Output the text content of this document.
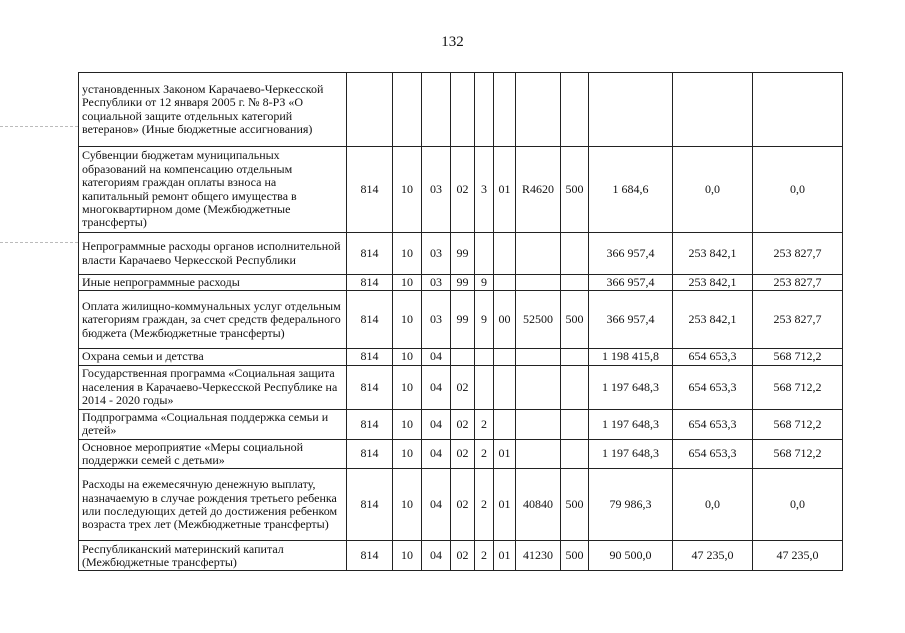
132
установденных Законом Карачаево-Черкесской Республики от 12 января 2005 г. № 8-РЗ «О социальной защите отдельных категорий ветеранов» (Иные бюджетные ассигнования)											
Субвенции бюджетам муниципальных образований на компенсацию отдельным категориям граждан оплаты взноса на капитальный ремонт общего имущества в многоквартирном доме (Межбюджетные трансферты)	814	10	03	02	3	01	R4620	500	1 684,6	0,0	0,0
Непрограммные расходы органов исполнительной власти Карачаево Черкесской Республики	814	10	03	99					366 957,4	253 842,1	253 827,7
Иные непрограммные расходы	814	10	03	99	9				366 957,4	253 842,1	253 827,7
Оплата жилищно-коммунальных услуг отдельным категориям граждан, за счет средств федерального бюджета (Межбюджетные трансферты)	814	10	03	99	9	00	52500	500	366 957,4	253 842,1	253 827,7
Охрана семьи и детства	814	10	04						1 198 415,8	654 653,3	568 712,2
Государственная программа «Социальная защита населения в Карачаево-Черкесской Республике на 2014 - 2020 годы»	814	10	04	02					1 197 648,3	654 653,3	568 712,2
Подпрограмма «Социальная поддержка семьи и детей»	814	10	04	02	2				1 197 648,3	654 653,3	568 712,2
Основное мероприятие «Меры социальной поддержки семей с детьми»	814	10	04	02	2	01			1 197 648,3	654 653,3	568 712,2
Расходы на ежемесячную денежную выплату, назначаемую в случае рождения третьего ребенка или последующих детей до достижения ребенком возраста трех лет (Межбюджетные трансферты)	814	10	04	02	2	01	40840	500	79 986,3	0,0	0,0
Республиканский материнский капитал (Межбюджетные трансферты)	814	10	04	02	2	01	41230	500	90 500,0	47 235,0	47 235,0
